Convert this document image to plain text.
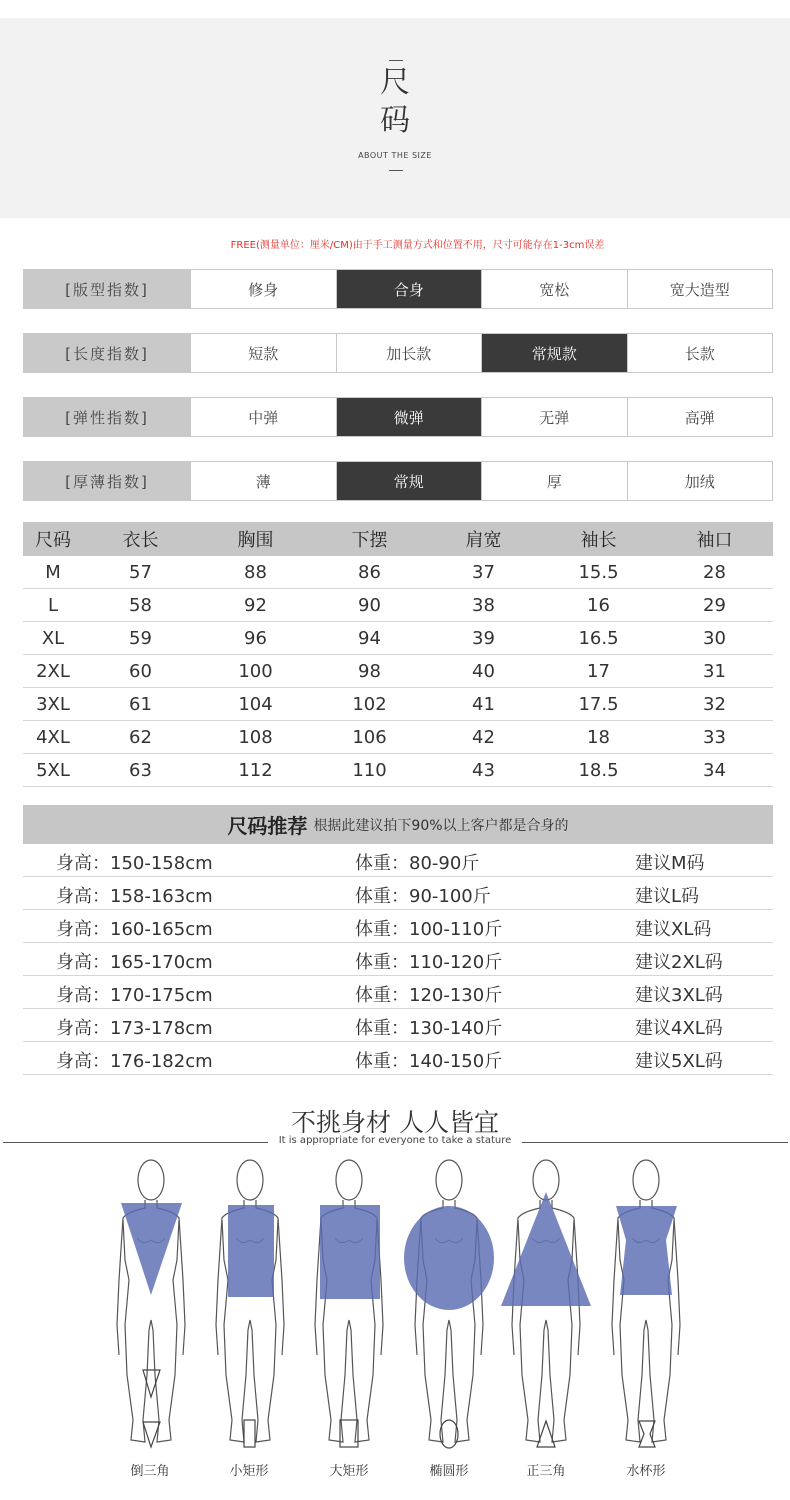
尺
码
ABOUT THE SIZE
FREE(测量单位：厘米/CM)由于手工测量方式和位置不用，尺寸可能存在1-3cm误差
[版型指数]	修身	合身	宽松	宽大造型
[长度指数]	短款	加长款	常规款	长款
[弹性指数]	中弹	微弹	无弹	高弹
[厚薄指数]	薄	常规	厚	加绒
尺码	衣长	胸围	下摆	肩宽	袖长	袖口
M	57	88	86	37	15.5	28
L	58	92	90	38	16	29
XL	59	96	94	39	16.5	30
2XL	60	100	98	40	17	31
3XL	61	104	102	41	17.5	32
4XL	62	108	106	42	18	33
5XL	63	112	110	43	18.5	34
尺码推荐 根据此建议拍下90%以上客户都是合身的
身高：150-158cm	体重：80-90斤	建议M码
身高：158-163cm	体重：90-100斤	建议L码
身高：160-165cm	体重：100-110斤	建议XL码
身高：165-170cm	体重：110-120斤	建议2XL码
身高：170-175cm	体重：120-130斤	建议3XL码
身高：173-178cm	体重：130-140斤	建议4XL码
身高：176-182cm	体重：140-150斤	建议5XL码
不挑身材 人人皆宜
It is appropriate for everyone to take a stature
倒三角	小矩形	大矩形	椭圆形	正三角	水杯形
